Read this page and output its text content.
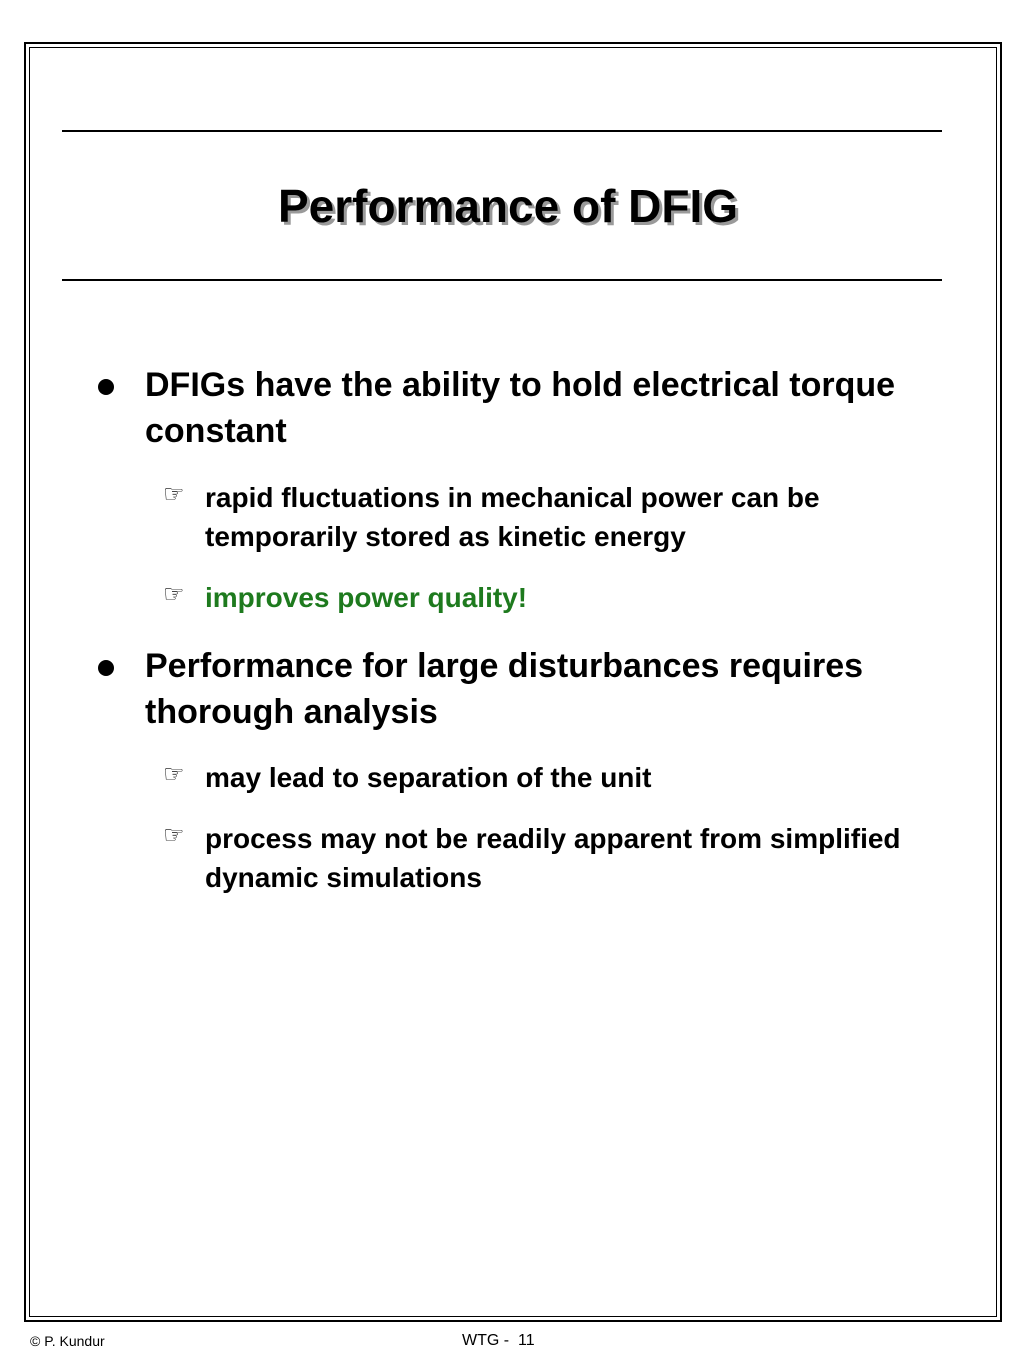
Performance of DFIG
DFIGs have the ability to hold electrical torque constant
☞ rapid fluctuations in mechanical power can be temporarily stored as kinetic energy
☞ improves power quality!
Performance for large disturbances requires thorough analysis
☞ may lead to separation of the unit
☞ process may not be readily apparent from simplified dynamic simulations
© P. Kundur	WTG -  11
